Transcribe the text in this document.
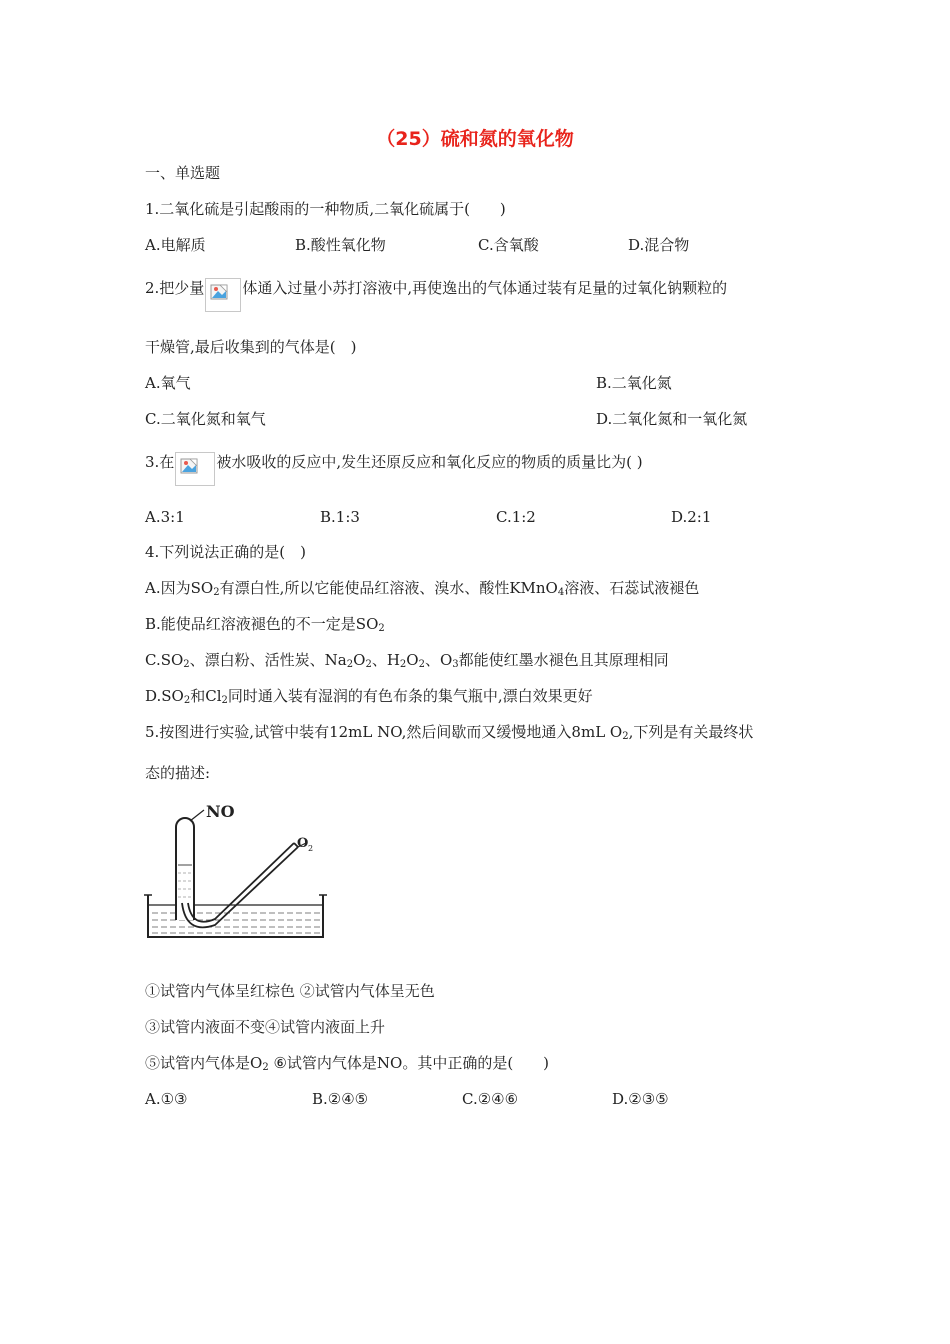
（25）硫和氮的氧化物
一、单选题
1.二氧化硫是引起酸雨的一种物质,二氧化硫属于(　　)
A.电解质	B.酸性氧化物	C.含氧酸	D.混合物
2.把少量	体通入过量小苏打溶液中,再使逸出的气体通过装有足量的过氧化钠颗粒的
干燥管,最后收集到的气体是(　)
A.氧气	B.二氧化氮
C.二氧化氮和氧气	D.二氧化氮和一氧化氮
3.在	被水吸收的反应中,发生还原反应和氧化反应的物质的质量比为( )
A.3:1	B.1:3	C.1:2	D.2:1
4.下列说法正确的是(　)
A.因为$SO_2$有漂白性,所以它能使品红溶液、溴水、酸性KMnO$_4$溶液、石蕊试液褪色
B.能使品红溶液褪色的不一定是$SO_2$
$C.SO_2$、漂白粉、活性炭、$Na_2O_2$、$H_2O_2$、$O_3$都能使红墨水褪色且其原理相同
$D.SO_2$和$Cl_2$同时通入装有湿润的有色布条的集气瓶中,漂白效果更好
5.按图进行实验,试管中装有12mL NO,然后间歇而又缓慢地通入8mL $O_2$,下列是有关最终状
态的描述:
NO
O 2
①试管内气体呈红棕色 ②试管内气体呈无色
③试管内液面不变④试管内液面上升
⑤试管内气体是$O_2$ ⑥试管内气体是NO。其中正确的是(　　)
A.①③	B.②④⑤	C.②④⑥	D.②③⑤
